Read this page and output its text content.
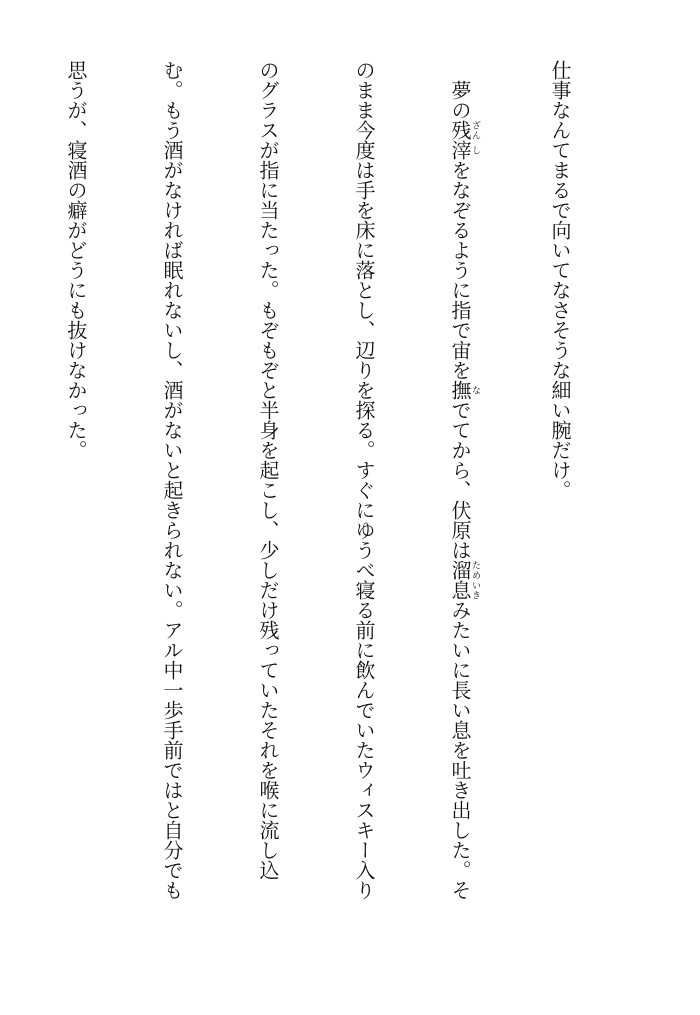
仕事なんてまるで向いてなさそうな細い腕だけ。

　夢の残ざん滓しをなぞるように指で宙を撫なでてから、伏原は溜息ためいきみたいに長い息を吐き出した。そ

のまま今度は手を床に落とし、辺りを探る。すぐにゆうべ寝る前に飲んでいたウィスキー入り

のグラスが指に当たった。もぞもぞと半身を起こし、少しだけ残っていたそれを喉に流し込

む。もう酒がなければ眠れないし、酒がないと起きられない。アル中一歩手前ではと自分でも

思うが、寝酒の癖がどうにも抜けなかった。
